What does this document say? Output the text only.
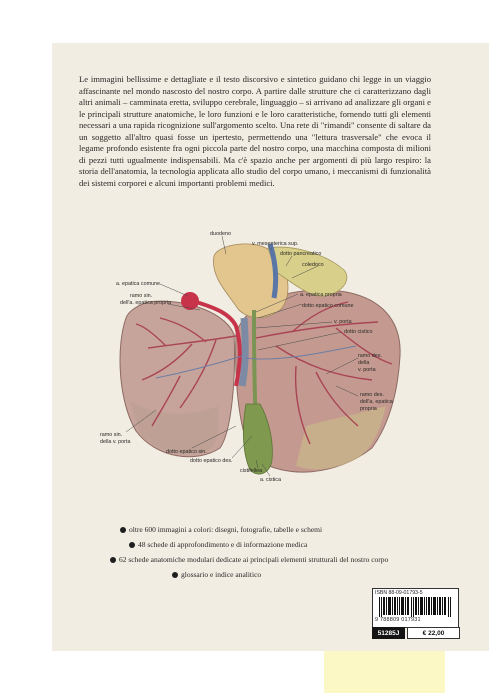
Le immagini bellissime e dettagliate e il testo discorsivo e sintetico guidano chi legge in un viaggio affascinante nel mondo nascosto del nostro corpo. A partire dalle strutture che ci caratterizzano dagli altri animali – camminata eretta, sviluppo cerebrale, linguaggio – si arrivano ad analizzare gli organi e le principali strutture anatomiche, le loro funzioni e le loro caratteristiche, fornendo tutti gli elementi necessari a una rapida ricognizione sull'argomento scelto. Una rete di "rimandi" consente di saltare da un soggetto all'altro quasi fosse un ipertesto, permettendo una "lettura trasversale" che evoca il legame profondo esistente fra ogni piccola parte del nostro corpo, una macchina composta di milioni di pezzi tutti ugualmente indispensabili. Ma c'è spazio anche per argomenti di più largo respiro: la storia dell'anatomia, la tecnologia applicata allo studio del corpo umano, i meccanismi di funzionalità dei sistemi corporei e alcuni importanti problemi medici.

duodeno
v. mesenterica sup.
dotto pancreatico
coledoco
a. epatica comune
ramo sin.
dell'a. epatica propria
a. epatica propria
dotto epatico comune
v. porta
dotto cistico
ramo des.
della
v. porta
ramo des.
dell'a. epatica
propria
ramo sin.
della v. porta
dotto epatico sin.
dotto epatico des.
cistifellea
a. cistica
oltre 600 immagini a colori: disegni, fotografie, tabelle e schemi
48 schede di approfondimento e di informazione medica
62 schede anatomiche modulari dedicate ai principali elementi strutturali del nostro corpo
glossario e indice analitico
ISBN 88-09-01793-5
9 788809 017931
51285J	€ 22,00
